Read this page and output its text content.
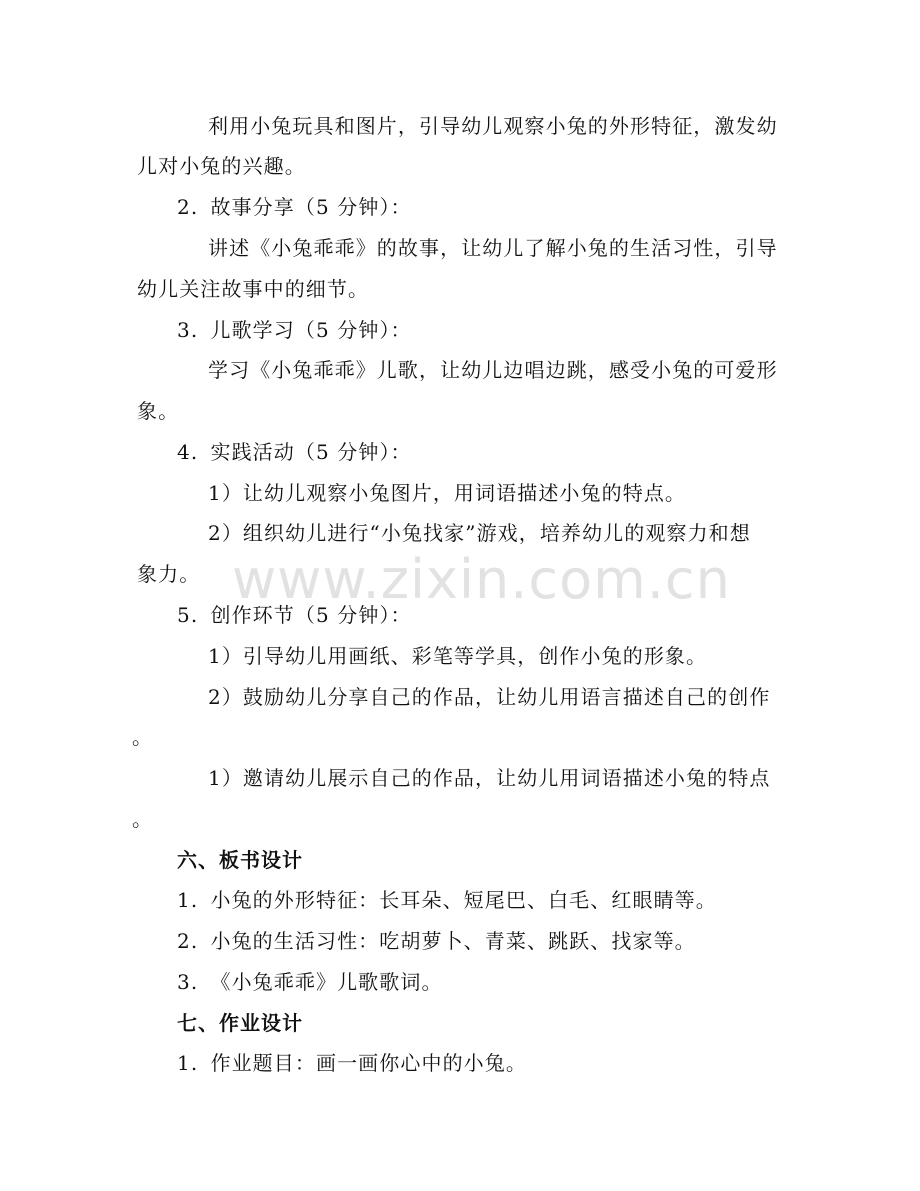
利用小兔玩具和图片，引导幼儿观察小兔的外形特征，激发幼
儿对小兔的兴趣。
2. 故事分享（5 分钟）：
讲述《小兔乖乖》的故事，让幼儿了解小兔的生活习性，引导
幼儿关注故事中的细节。
3. 儿歌学习（5 分钟）：
学习《小兔乖乖》儿歌，让幼儿边唱边跳，感受小兔的可爱形
象。
4. 实践活动（5 分钟）：
1）让幼儿观察小兔图片，用词语描述小兔的特点。
2）组织幼儿进行“小兔找家”游戏，培养幼儿的观察力和想
象力。
5. 创作环节（5 分钟）：
1）引导幼儿用画纸、彩笔等学具，创作小兔的形象。
2）鼓励幼儿分享自己的作品，让幼儿用语言描述自己的创作
。
1）邀请幼儿展示自己的作品，让幼儿用词语描述小兔的特点
。
六、板书设计
1. 小兔的外形特征：长耳朵、短尾巴、白毛、红眼睛等。
2. 小兔的生活习性：吃胡萝卜、青菜、跳跃、找家等。
3. 《小兔乖乖》儿歌歌词。
七、作业设计
1. 作业题目：画一画你心中的小兔。
www.zixin.com.cn
